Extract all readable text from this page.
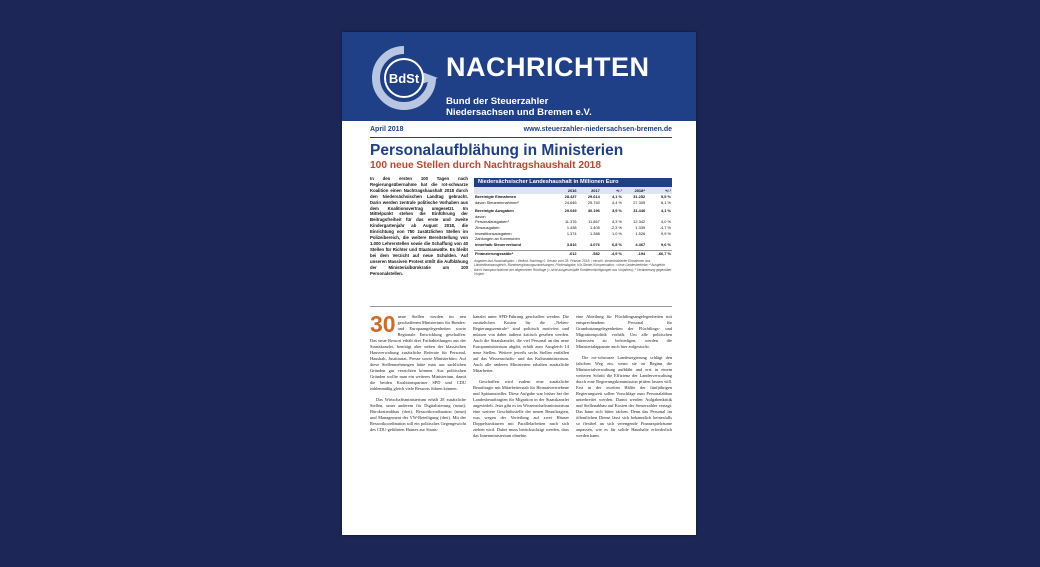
BdSt NACHRICHTEN
Bund der Steuerzahler
Niedersachsen und Bremen e.V.
April 2018	www.steuerzahler-niedersachsen-bremen.de
Personalaufblähung in Ministerien
100 neue Stellen durch Nachtragshaushalt 2018

In den ersten 100 Tagen nach Regierungsübernahme hat die rot-schwarze Koalition einen Nachtragshaushalt 2018 durch den Niedersächsischen Landtag gebracht. Darin werden zentrale politische Vorhaben aus dem Koalitionsvertrag umgesetzt. Im Mittelpunkt stehen die Einführung der Beitragsfreiheit für das erste und zweite Kindergartenjahr ab August 2018, die Einrichtung von 750 zusätzlichen Stellen im Polizeibereich, die weitere Bereitstellung von 1.000 Lehrerstellen sowie die Schaffung von 40 Stellen für Richter und Staatsanwälte. Es bleibt bei dem Verzicht auf neue Schulden. Auf unseren Massiven Protest stößt die Aufblähung der Ministerialbürokratie um 100 Personalstellen.

Niedersächsischer Landeshaushalt in Millionen Euro
	2016	2017	+/-¹	2018⁴	+/-¹
Bereinigte Einnahmen	28.437	29.614	4,1 %	31.252	5,5 %
davon Steuereinnahmen²	24.646	25.740	4,4 %	27.305	6,1 %

Bereinigte Ausgaben	29.049	30.196	3,9 %	31.446	4,1 %
davon					
Personalausgaben³	11.376	11.867	4,3 %	12.342	4,0 %
Zinsausgaben	1.438	1.405	-2,3 %	1.339	-4,7 %
Investitionsausgaben	1.374	1.388	1,0 %	1.526	9,9 %
Zahlungen an Kommunen					
innerhalb Steuerverbund	3.816	4.076	6,8 %	4.467	9,6 %

Finanzierungssaldo⁴	-612	-582	-4,9 %	-194	-66,7 %
Angaben laut Haushaltsplan. ¹ Veränd. Nachtrag 0. Gesetz vom 28. Februar 2018; ² einschl. steuerindizierter Einnahmen aus Länderfinanzausgleich, Bundesergänzungszuweisungen, Förderabgabe, Kfz-Steuer-Kompensation; ³ ohne Landesbetriebe; ⁴ Ausgleich durch Inanspruchnahme der allgemeinen Rücklage (= nicht ausgeschöpfte Kreditermächtigungen aus Vorjahren); ⁵ Veränderung gegenüber Vorjahr

30 neue Stellen werden im neu geschaffenen Ministerium für Bundes- und Europaangelegenheiten sowie Regionale Entwicklung geschaffen. Das neue Ressort erhält drei Fachabteilungen aus der Staatskanzlei, benötigt aber neben der klassischen Hausverwaltung zusätzliche Referate für Personal, Haushalt, Justitiariat, Presse sowie Ministerbüro. Auf diese Stellenmehrungen hätte man aus sachlichen Gründen gut verzichten können. Aus politischen Gründen wollte man ein weiteres Ministerium, damit die beiden Koalitionspartner SPD und CDU zahlenmäßig gleich viele Ressorts führen können.

Das Wirtschaftsministerium erhält 28 zusätzliche Stellen, unter anderem für Digitalisierung (neun), Bürokratieabbau (drei), Ressortkoordination (neun) und Management der VW-Beteiligung (drei). Mit der Ressortkoordination soll ein politisches Gegengewicht des CDU-geführten Hauses zur Staats-

kanzlei unter SPD-Führung geschaffen werden. Die zusätzlichen Kosten für die „Neben-Regierungszentrale“ sind politisch motiviert und müssen von daher äußerst kritisch gesehen werden. Auch die Staatskanzlei, die viel Personal an das neue Europaministerium abgibt, erhält zum Ausgleich 14 neue Stellen. Weitere jeweils sechs Stellen entfallen auf das Wissenschafts- und das Kultusministerium. Auch alle anderen Ministerien erhalten zusätzliche Mitarbeiter.

Geschaffen wird zudem eine zusätzliche Beauftragte mit Mitarbeiterstab für Heimatvertriebene und Spätaussiedler. Diese Aufgabe war bisher bei der Landesbeauftragten für Migration in der Staatskanzlei angesiedelt. Jetzt gibt es im Wissenschaftsministerium eine weitere Geschäftsstelle der neuen Beauftragten, was wegen der Verteilung auf zwei Häuser Doppelstrukturen mit Parallelarbeiten nach sich ziehen wird. Dabei muss berücksichtigt werden, dass das Innenministerium ohnehin

eine Abteilung für Flüchtlingsangelegenheiten mit entsprechendem Personal für Grundsatzangelegenheiten der Flüchtlings- und Migrationspolitik vorhält. Um alle politischen Interessen zu befriedigen, werden die Ministerialapparate auch hier aufgestockt.

Die rot-schwarze Landesregierung schlägt den falschen Weg ein, wenn sie zu Beginn die Ministerialverwaltung aufbläht und erst in einem weiteren Schritt die Effizienz der Landesverwaltung durch eine Regierungskommission prüfen lassen will. Erst in der zweiten Hälfte der fünfjährigen Regierungszeit sollen Vorschläge zum Personalabbau unterbreitet werden. Damit werden Aufgabenkritik und Stellenabbau auf Kosten der Steuerzahler vertagt. Das kann sich bitter rächen. Denn das Personal im öffentlichen Dienst lässt sich bekanntlich keinesfalls so flexibel an sich verengende Finanzspielräume anpassen, wie es für solide Haushalte erforderlich werden kann.
